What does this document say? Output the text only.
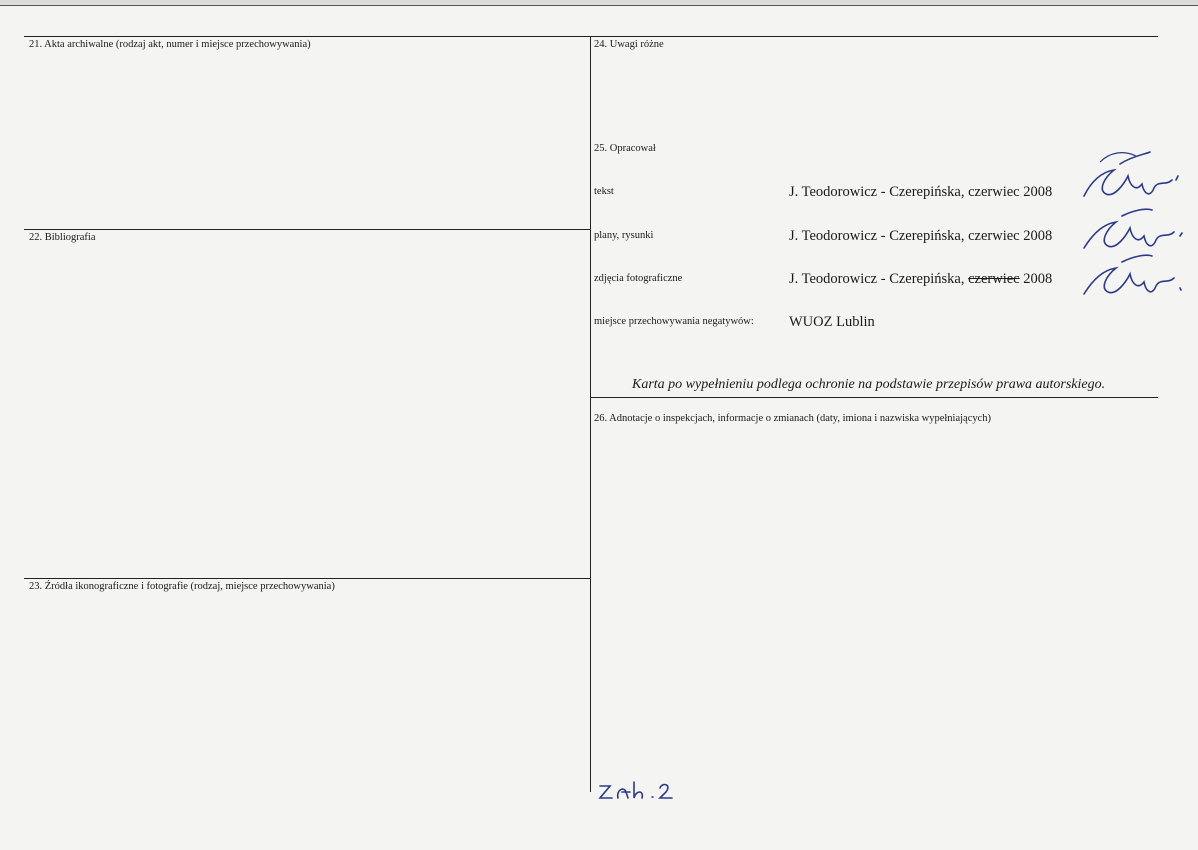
21. Akta archiwalne (rodzaj akt, numer i miejsce przechowywania)
22. Bibliografia
23. Źródła ikonograficzne i fotografie (rodzaj, miejsce przechowywania)
24. Uwagi różne
25. Opracował
tekst	J. Teodorowicz - Czerepińska, czerwiec 2008
plany, rysunki	J. Teodorowicz - Czerepińska, czerwiec 2008
zdjęcia fotograficzne	J. Teodorowicz - Czerepińska, czerwiec 2008
miejsce przechowywania negatywów: WUOZ Lublin
Karta po wypełnieniu podlega ochronie na podstawie przepisów prawa autorskiego.
26. Adnotacje o inspekcjach, informacje o zmianach (daty, imiona i nazwiska wypełniających)
